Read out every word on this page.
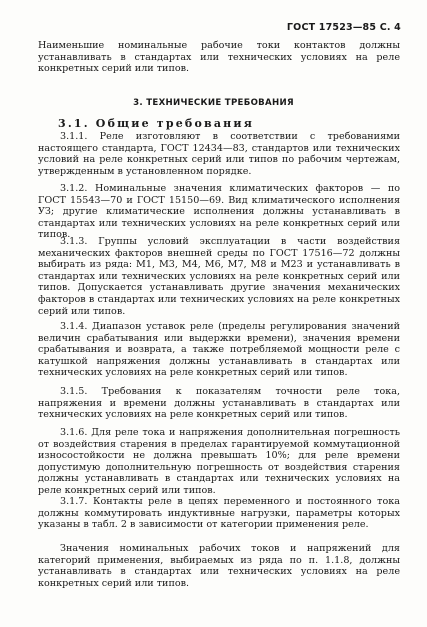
ГОСТ 17523—85 С. 4

Наименьшие номинальные рабочие токи контактов должны устанавливать в стандартах или технических условиях на реле конкретных серий или типов.

3. ТЕХНИЧЕСКИЕ ТРЕБОВАНИЯ
3.1. Общие требования

3.1.1. Реле изготовляют в соответствии с требованиями настоящего стандарта, ГОСТ 12434—83, стандартов или технических условий на реле конкретных серий или типов по рабочим чертежам, утвержденным в установленном порядке.

3.1.2. Номинальные значения климатических факторов — по ГОСТ 15543—70 и ГОСТ 15150—69. Вид климатического исполнения УЗ; другие климатические исполнения должны устанавливать в стандартах или технических условиях на реле конкретных серий или типов.

3.1.3. Группы условий эксплуатации в части воздействия механических факторов внешней среды по ГОСТ 17516—72 должны выбирать из ряда: М1, М3, М4, М6, М7, М8 и М23 и устанавливать в стандартах или технических условиях на реле конкретных серий или типов. Допускается устанавливать другие значения механических факторов в стандартах или технических условиях на реле конкретных серий или типов.

3.1.4. Диапазон уставок реле (пределы регулирования значений величин срабатывания или выдержки времени), значения времени срабатывания и возврата, а также потребляемой мощности реле с катушкой напряжения должны устанавливать в стандартах или технических условиях на реле конкретных серий или типов.

3.1.5. Требования к показателям точности реле тока, напряжения и времени должны устанавливать в стандартах или технических условиях на реле конкретных серий или типов.

3.1.6. Для реле тока и напряжения дополнительная погрешность от воздействия старения в пределах гарантируемой коммутационной износостойкости не должна превышать 10%; для реле времени допустимую дополнительную погрешность от воздействия старения должны устанавливать в стандартах или технических условиях на реле конкретных серий или типов.

3.1.7. Контакты реле в цепях переменного и постоянного тока должны коммутировать индуктивные нагрузки, параметры которых указаны в табл. 2 в зависимости от категории применения реле.

Значения номинальных рабочих токов и напряжений для категорий применения, выбираемых из ряда по п. 1.1.8, должны устанавливать в стандартах или технических условиях на реле конкретных серий или типов.
